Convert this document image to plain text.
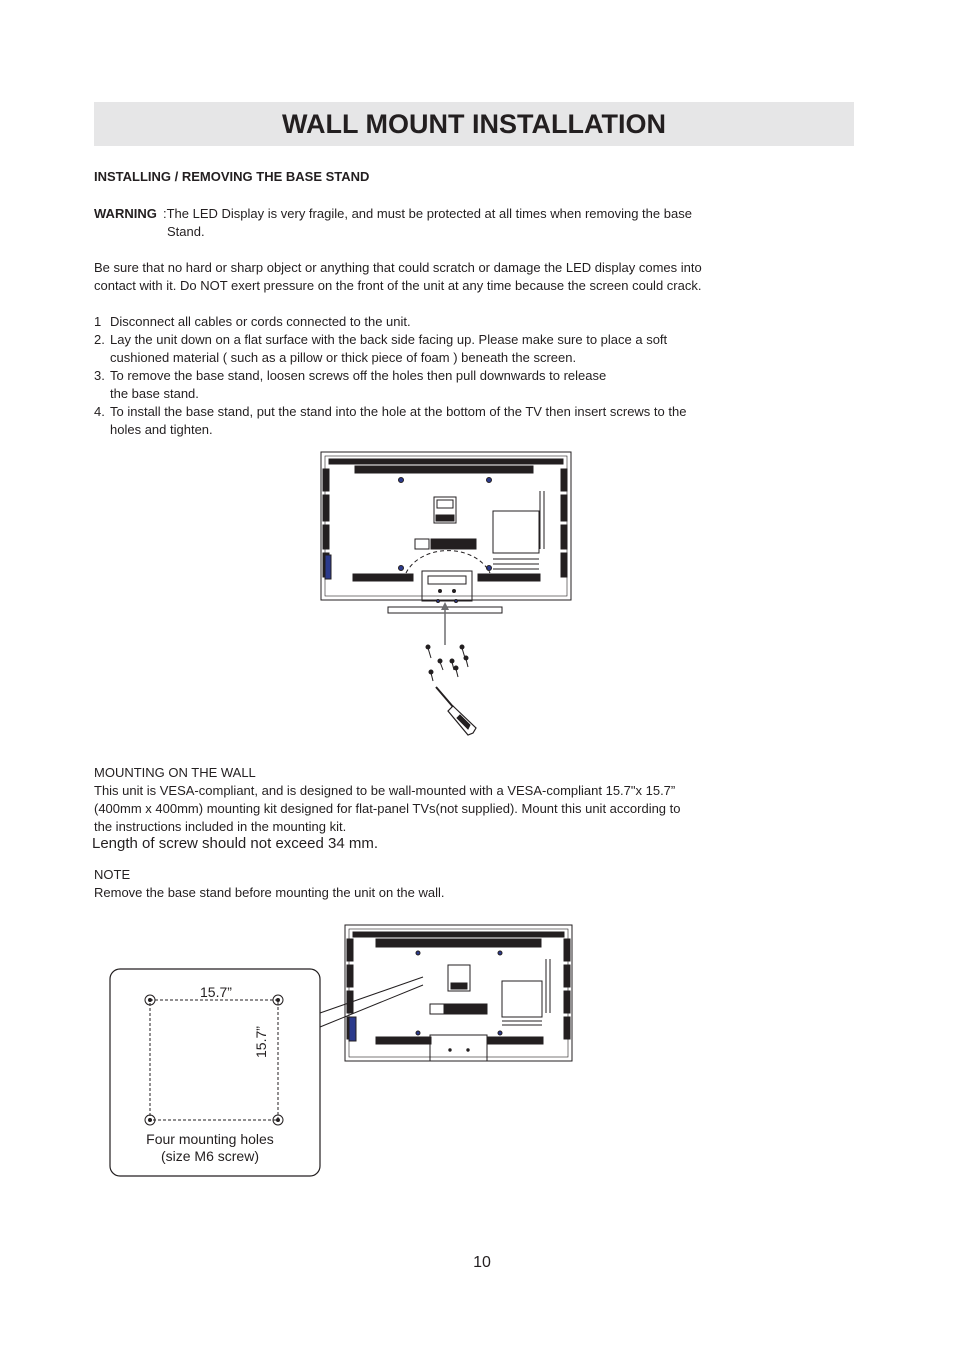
WALL MOUNT INSTALLATION
INSTALLING / REMOVING THE BASE STAND
WARNING :The LED Display is very fragile, and must be protected at all times when removing the base
Stand.
Be sure that no hard or sharp object or anything that could scratch or damage the LED display comes into
contact with it. Do NOT exert pressure on the front of the unit at any time because the screen could crack.
1 Disconnect all cables or cords connected to the unit.
2. Lay the unit down on a flat surface with the back side facing up. Please make sure to place a soft
cushioned material ( such as a pillow or thick piece of foam ) beneath the screen.
3. To remove the base stand, loosen screws off the holes then pull downwards to release
the base stand.
4. To install the base stand, put the stand into the hole at the bottom of the TV then insert screws to the
holes and tighten.
MOUNTING ON THE WALL
This unit is VESA-compliant, and is designed to be wall-mounted with a VESA-compliant 15.7"x 15.7”
(400mm x 400mm) mounting kit designed for flat-panel TVs(not supplied). Mount this unit according to
the instructions included in the mounting kit.
Length of screw should not exceed 34 mm.
NOTE
Remove the base stand before mounting the unit on the wall.
15.7”
15.7”
Four mounting holes
(size M6 screw)
10
